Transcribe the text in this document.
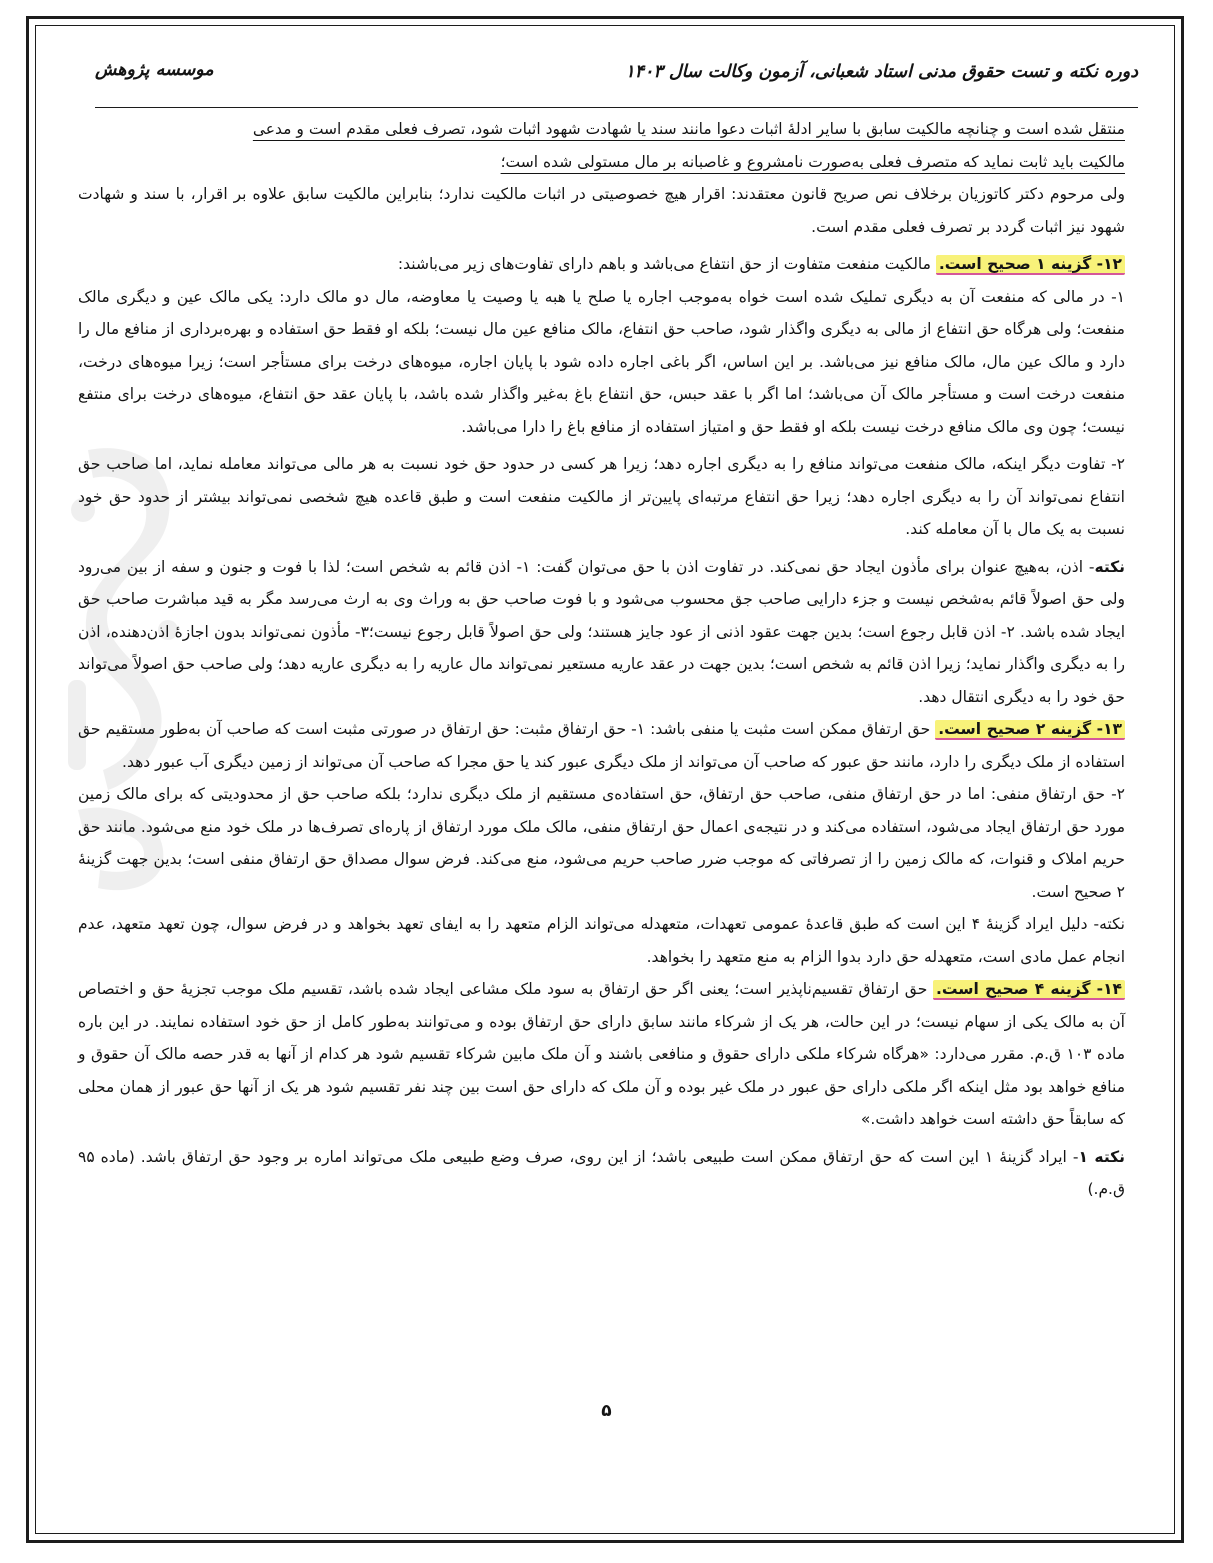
دوره نکته و تست حقوق مدنی استاد شعبانی، آزمون وکالت سال ۱۴۰۳
موسسه پژوهش

منتقل شده است و چنانچه مالکیت سابق با سایر ادلهٔ اثبات دعوا مانند سند یا شهادت شهود اثبات شود، تصرف فعلی مقدم است و مدعی
مالکیت باید ثابت نماید که متصرف فعلی به‌صورت نامشروع و غاصبانه بر مال مستولی شده است؛

ولی مرحوم دکتر کاتوزیان برخلاف نص صریح قانون معتقدند: اقرار هیچ خصوصیتی در اثبات مالکیت ندارد؛ بنابراین مالکیت سابق علاوه بر اقرار، با سند و شهادت شهود نیز اثبات گردد بر تصرف فعلی مقدم است.

۱۲- گزینه ۱ صحیح است. مالکیت منفعت متفاوت از حق انتفاع می‌باشد و باهم دارای تفاوت‌های زیر می‌باشند:

۱- در مالی که منفعت آن به دیگری تملیک شده است خواه به‌موجب اجاره یا صلح یا هبه یا وصیت یا معاوضه، مال دو مالک دارد: یکی مالک عین و دیگری مالک منفعت؛ ولی هرگاه حق انتفاع از مالی به دیگری واگذار شود، صاحب حق انتفاع، مالک منافع عین مال نیست؛ بلکه او فقط حق استفاده و بهره‌برداری از منافع مال را دارد و مالک عین مال، مالک منافع نیز می‌باشد. بر این اساس، اگر باغی اجاره داده شود با پایان اجاره، میوه‌های درخت برای مستأجر است؛ زیرا میوه‌های درخت، منفعت درخت است و مستأجر مالک آن می‌باشد؛ اما اگر با عقد حبس، حق انتفاع باغ به‌غیر واگذار شده باشد، با پایان عقد حق انتفاع، میوه‌های درخت برای منتفع نیست؛ چون وی مالک منافع درخت نیست بلکه او فقط حق و امتیاز استفاده از منافع باغ را دارا می‌باشد.

۲- تفاوت دیگر اینکه، مالک منفعت می‌تواند منافع را به دیگری اجاره دهد؛ زیرا هر کسی در حدود حق خود نسبت به هر مالی می‌تواند معامله نماید، اما صاحب حق انتفاع نمی‌تواند آن را به دیگری اجاره دهد؛ زیرا حق انتفاع مرتبه‌ای پایین‌تر از مالکیت منفعت است و طبق قاعده هیچ شخصی نمی‌تواند بیشتر از حدود حق خود نسبت به یک مال با آن معامله کند.

نکته- اذن، به‌هیچ عنوان برای مأذون ایجاد حق نمی‌کند. در تفاوت اذن با حق می‌توان گفت: ۱- اذن قائم به شخص است؛ لذا با فوت و جنون و سفه از بین می‌رود ولی حق اصولاً قائم به‌شخص نیست و جزء دارایی صاحب جق محسوب می‌شود و با فوت صاحب حق به وراث وی به ارث می‌رسد مگر به قید مباشرت صاحب حق ایجاد شده باشد. ۲- اذن قابل رجوع است؛ بدین جهت عقود اذنی از عود جایز هستند؛ ولی حق اصولاً قابل رجوع نیست؛۳- مأذون نمی‌تواند بدون اجازهٔ اذن‌دهنده، اذن را به دیگری واگذار نماید؛ زیرا اذن قائم به شخص است؛ بدین جهت در عقد عاریه مستعیر نمی‌تواند مال عاریه را به دیگری عاریه دهد؛ ولی صاحب حق اصولاً می‌تواند حق خود را به دیگری انتقال دهد.

۱۳- گزینه ۲ صحیح است. حق ارتفاق ممکن است مثبت یا منفی باشد: ۱- حق ارتفاق مثبت: حق ارتفاق در صورتی مثبت است که صاحب آن به‌طور مستقیم حق استفاده از ملک دیگری را دارد، مانند حق عبور که صاحب آن می‌تواند از ملک دیگری عبور کند یا حق مجرا که صاحب آن می‌تواند از زمین دیگری آب عبور دهد.

۲- حق ارتفاق منفی: اما در حق ارتفاق منفی، صاحب حق ارتفاق، حق استفاده‌ی مستقیم از ملک دیگری ندارد؛ بلکه صاحب حق از محدودیتی که برای مالک زمین مورد حق ارتفاق ایجاد می‌شود، استفاده می‌کند و در نتیجه‌ی اعمال حق ارتفاق منفی، مالک ملک مورد ارتفاق از پاره‌ای تصرف‌ها در ملک خود منع می‌شود. مانند حق حریم املاک و قنوات، که مالک زمین را از تصرفاتی که موجب ضرر صاحب حریم می‌شود، منع می‌کند. فرض سوال مصداق حق ارتفاق منفی است؛ بدین جهت گزینهٔ ۲ صحیح است.

نکته- دلیل ایراد گزینهٔ ۴ این است که طبق قاعدهٔ عمومی تعهدات، متعهدله می‌تواند الزام متعهد را به ایفای تعهد بخواهد و در فرض سوال، چون تعهد متعهد، عدم انجام عمل مادی است، متعهدله حق دارد بدوا الزام به منع متعهد را بخواهد.

۱۴- گزینه ۴ صحیح است. حق ارتفاق تقسیم‌ناپذیر است؛ یعنی اگر حق ارتفاق به سود ملک مشاعی ایجاد شده باشد، تقسیم ملک موجب تجزیهٔ حق و اختصاص آن به مالک یکی از سهام نیست؛ در این حالت، هر یک از شرکاء مانند سابق دارای حق ارتفاق بوده و می‌توانند به‌طور کامل از حق خود استفاده نمایند. در این باره ماده ۱۰۳ ق.م. مقرر می‌دارد: «هرگاه شرکاء ملکی دارای حقوق و منافعی باشند و آن ملک مابین شرکاء تقسیم شود هر کدام از آنها به قدر حصه مالک آن حقوق و منافع خواهد بود مثل اینکه اگر ملکی دارای حق عبور در ملک غیر بوده و آن ملک که دارای حق است بین چند نفر تقسیم شود هر یک از آنها حق عبور از همان محلی که سابقاً حق داشته است خواهد داشت.»

نکته ۱- ایراد گزینهٔ ۱ این است که حق ارتفاق ممکن است طبیعی باشد؛ از این روی، صرف وضع طبیعی ملک می‌تواند اماره بر وجود حق ارتفاق باشد. (ماده ۹۵ ق.م.)

۵
